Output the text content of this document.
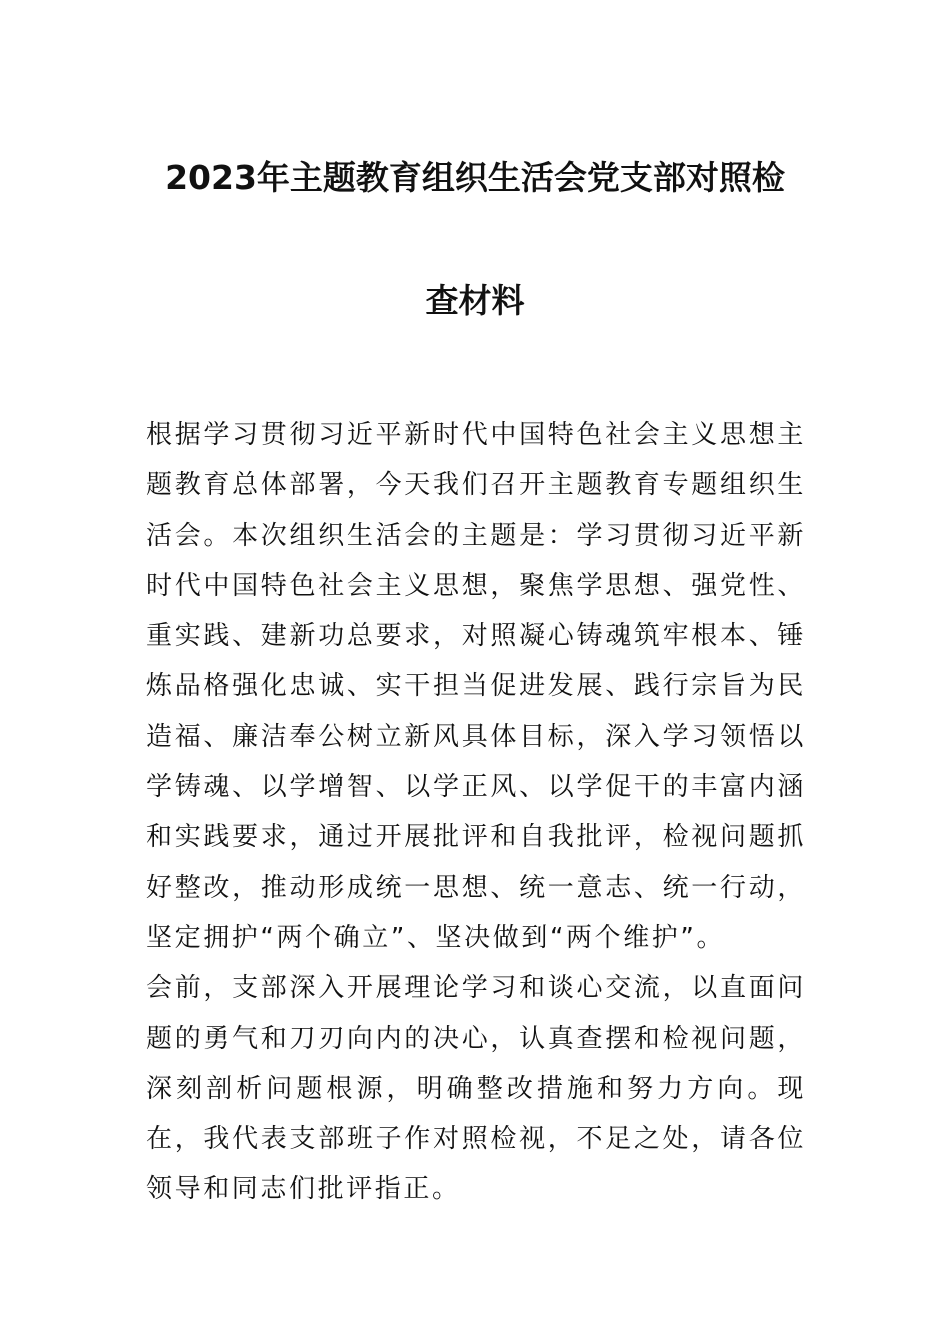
2023年主题教育组织生活会党支部对照检
查材料

根据学习贯彻习近平新时代中国特色社会主义思想主题教育总体部署，今天我们召开主题教育专题组织生活会。本次组织生活会的主题是：学习贯彻习近平新时代中国特色社会主义思想，聚焦学思想、强党性、重实践、建新功总要求，对照凝心铸魂筑牢根本、锤炼品格强化忠诚、实干担当促进发展、践行宗旨为民造福、廉洁奉公树立新风具体目标，深入学习领悟以学铸魂、以学增智、以学正风、以学促干的丰富内涵和实践要求，通过开展批评和自我批评，检视问题抓好整改，推动形成统一思想、统一意志、统一行动，坚定拥护“两个确立”、坚决做到“两个维护”。

会前，支部深入开展理论学习和谈心交流，以直面问题的勇气和刀刃向内的决心，认真查摆和检视问题，深刻剖析问题根源，明确整改措施和努力方向。现在，我代表支部班子作对照检视，不足之处，请各位领导和同志们批评指正。
